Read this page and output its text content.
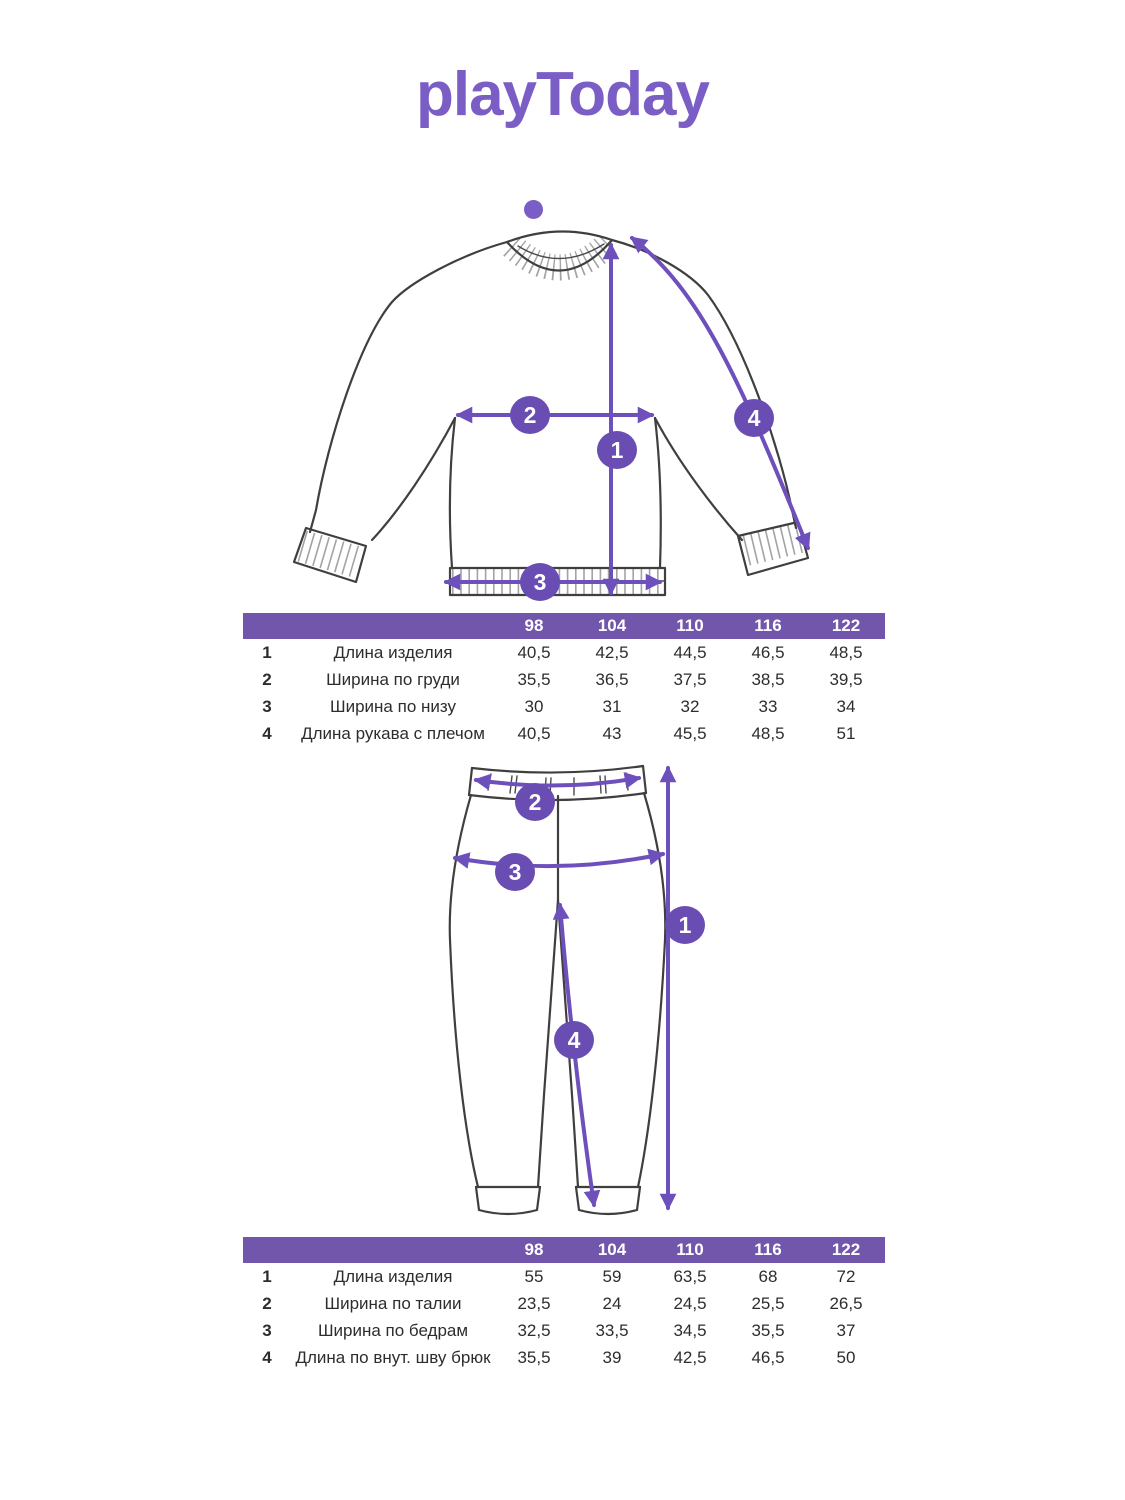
playToday
2
1
3
4
		98	104	110	116	122
1	Длина изделия	40,5	42,5	44,5	46,5	48,5
2	Ширина по груди	35,5	36,5	37,5	38,5	39,5
3	Ширина по низу	30	31	32	33	34
4	Длина рукава с плечом	40,5	43	45,5	48,5	51
2
3
1
4
		98	104	110	116	122
1	Длина изделия	55	59	63,5	68	72
2	Ширина по талии	23,5	24	24,5	25,5	26,5
3	Ширина по бедрам	32,5	33,5	34,5	35,5	37
4	Длина по внут. шву брюк	35,5	39	42,5	46,5	50
